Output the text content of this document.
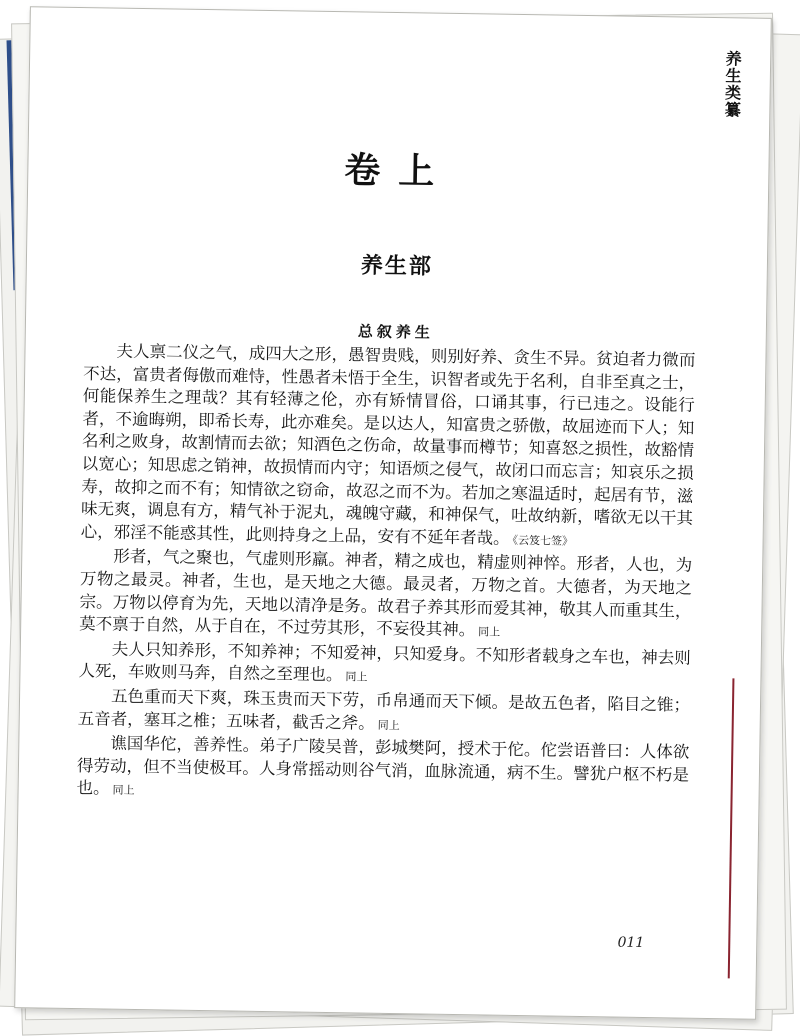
养生类纂
卷上
养生部
总叙养生

夫人禀二仪之气，成四大之形，愚智贵贱，则别好养、贪生不异。贫迫者力微而不达，富贵者侮傲而难恃，性愚者未悟于全生，识智者或先于名利，自非至真之士，何能保养生之理哉？其有轻薄之伦，亦有矫情冒俗，口诵其事，行已违之。设能行者，不逾晦朔，即希长寿，此亦难矣。是以达人，知富贵之骄傲，故屈迹而下人；知名利之败身，故割情而去欲；知酒色之伤命，故量事而樽节；知喜怒之损性，故豁情以宽心；知思虑之销神，故损情而内守；知语烦之侵气，故闭口而忘言；知哀乐之损寿，故抑之而不有；知情欲之窃命，故忍之而不为。若加之寒温适时，起居有节，滋味无爽，调息有方，精气补于泥丸，魂魄守藏，和神保气，吐故纳新，嗜欲无以干其心，邪淫不能惑其性，此则持身之上品，安有不延年者哉。 《云笈七签》

形者，气之聚也，气虚则形羸。神者，精之成也，精虚则神悴。形者，人也，为万物之最灵。神者，生也，是天地之大德。最灵者，万物之首。大德者，为天地之宗。万物以停育为先，天地以清净是务。故君子养其形而爱其神，敬其人而重其生，莫不禀于自然，从于自在，不过劳其形，不妄役其神。 同上

夫人只知养形，不知养神；不知爱神，只知爱身。不知形者载身之车也，神去则人死，车败则马奔，自然之至理也。 同上

五色重而天下爽，珠玉贵而天下劳，币帛通而天下倾。是故五色者，陷目之锥；五音者，塞耳之椎；五味者，截舌之斧。 同上

谯国华佗，善养性。弟子广陵吴普，彭城樊阿，授术于佗。佗尝语普曰：人体欲得劳动，但不当使极耳。人身常摇动则谷气消，血脉流通，病不生。譬犹户枢不朽是也。 同上

011
